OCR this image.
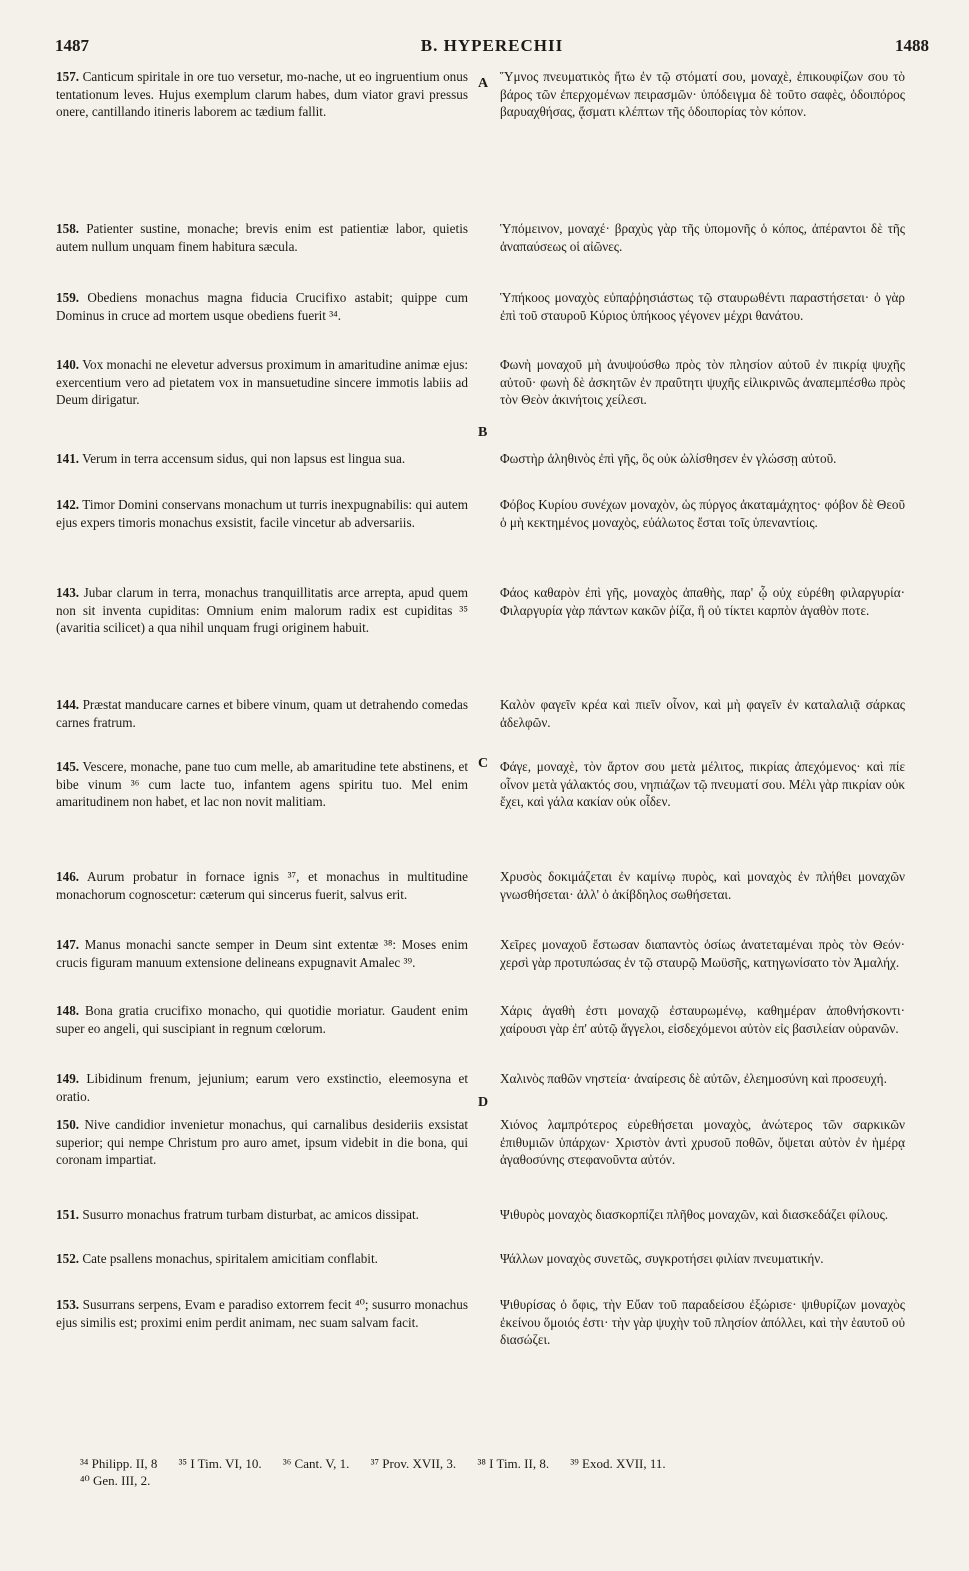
1487	B. HYPERECHII	1488
A
B
C
D
157. Canticum spiritale in ore tuo versetur, mo-nache, ut eo ingruentium onus tentationum leves. Hujus exemplum clarum habes, dum viator gravi pressus onere, cantillando itineris laborem ac tædium fallit.
158. Patienter sustine, monache; brevis enim est patientiæ labor, quietis autem nullum unquam finem habitura sæcula.
159. Obediens monachus magna fiducia Crucifixo astabit; quippe cum Dominus in cruce ad mortem usque obediens fuerit ³⁴.
140. Vox monachi ne elevetur adversus proximum in amaritudine animæ ejus: exercentium vero ad pietatem vox in mansuetudine sincere immotis labiis ad Deum dirigatur.
141. Verum in terra accensum sidus, qui non lapsus est lingua sua.
142. Timor Domini conservans monachum ut turris inexpugnabilis: qui autem ejus expers timoris monachus exsistit, facile vincetur ab adversariis.
143. Jubar clarum in terra, monachus tranquillitatis arce arrepta, apud quem non sit inventa cupiditas: Omnium enim malorum radix est cupiditas ³⁵ (avaritia scilicet) a qua nihil unquam frugi originem habuit.
144. Præstat manducare carnes et bibere vinum, quam ut detrahendo comedas carnes fratrum.
145. Vescere, monache, pane tuo cum melle, ab amaritudine tete abstinens, et bibe vinum ³⁶ cum lacte tuo, infantem agens spiritu tuo. Mel enim amaritudinem non habet, et lac non novit malitiam.
146. Aurum probatur in fornace ignis ³⁷, et monachus in multitudine monachorum cognoscetur: cæterum qui sincerus fuerit, salvus erit.
147. Manus monachi sancte semper in Deum sint extentæ ³⁸: Moses enim crucis figuram manuum extensione delineans expugnavit Amalec ³⁹.
148. Bona gratia crucifixo monacho, qui quotidie moriatur. Gaudent enim super eo angeli, qui suscipiant in regnum cœlorum.
149. Libidinum frenum, jejunium; earum vero exstinctio, eleemosyna et oratio.
150. Nive candidior invenietur monachus, qui carnalibus desideriis exsistat superior; qui nempe Christum pro auro amet, ipsum videbit in die bona, qui coronam impartiat.
151. Susurro monachus fratrum turbam disturbat, ac amicos dissipat.
152. Cate psallens monachus, spiritalem amicitiam conflabit.
153. Susurrans serpens, Evam e paradiso extorrem fecit ⁴⁰; susurro monachus ejus similis est; proximi enim perdit animam, nec suam salvam facit.
Ὕμνος πνευματικὸς ἤτω ἐν τῷ στόματί σου, μοναχὲ, ἐπικουφίζων σου τὸ βάρος τῶν ἐπερχομένων πειρασμῶν· ὑπόδειγμα δὲ τοῦτο σαφὲς, ὁδοιπόρος βαρυαχθήσας, ᾄσματι κλέπτων τῆς ὁδοιπορίας τὸν κόπον.
Ὑπόμεινον, μοναχέ· βραχὺς γὰρ τῆς ὑπομονῆς ὁ κόπος, ἀπέραντοι δὲ τῆς ἀναπαύσεως οἱ αἰῶνες.
Ὑπήκοος μοναχὸς εὐπαῤῥησιάστως τῷ σταυρωθέντι παραστήσεται· ὁ γὰρ ἐπὶ τοῦ σταυροῦ Κύριος ὑπήκοος γέγονεν μέχρι θανάτου.
Φωνὴ μοναχοῦ μὴ ἀνυψούσθω πρὸς τὸν πλησίον αὐτοῦ ἐν πικρίᾳ ψυχῆς αὐτοῦ· φωνὴ δὲ ἀσκητῶν ἐν πραΰτητι ψυχῆς εἰλικρινῶς ἀναπεμπέσθω πρὸς τὸν Θεὸν ἀκινήτοις χείλεσι.
Φωστὴρ ἀληθινὸς ἐπὶ γῆς, ὃς οὐκ ὠλίσθησεν ἐν γλώσσῃ αὐτοῦ.
Φόβος Κυρίου συνέχων μοναχὸν, ὡς πύργος ἀκαταμάχητος· φόβον δὲ Θεοῦ ὁ μὴ κεκτημένος μοναχὸς, εὐάλωτος ἔσται τοῖς ὑπεναντίοις.
Φάος καθαρὸν ἐπὶ γῆς, μοναχὸς ἀπαθὴς, παρ' ᾧ οὐχ εὑρέθη φιλαργυρία· Φιλαργυρία γὰρ πάντων κακῶν ῥίζα, ἣ οὐ τίκτει καρπὸν ἀγαθὸν ποτε.
Καλὸν φαγεῖν κρέα καὶ πιεῖν οἶνον, καὶ μὴ φαγεῖν ἐν καταλαλιᾷ σάρκας ἀδελφῶν.
Φάγε, μοναχὲ, τὸν ἄρτον σου μετὰ μέλιτος, πικρίας ἀπεχόμενος· καὶ πίε οἶνον μετὰ γάλακτός σου, νηπιάζων τῷ πνευματί σου. Μέλι γὰρ πικρίαν οὐκ ἔχει, καὶ γάλα κακίαν οὐκ οἶδεν.
Χρυσὸς δοκιμάζεται ἐν καμίνῳ πυρὸς, καὶ μοναχὸς ἐν πλήθει μοναχῶν γνωσθήσεται· ἀλλ' ὁ ἀκίβδηλος σωθήσεται.
Χεῖρες μοναχοῦ ἔστωσαν διαπαντὸς ὁσίως ἀνατεταμέναι πρὸς τὸν Θεόν· χερσὶ γὰρ προτυπώσας ἐν τῷ σταυρῷ Μωϋσῆς, κατηγωνίσατο τὸν Ἀμαλήχ.
Χάρις ἀγαθὴ ἐστι μοναχῷ ἐσταυρωμένῳ, καθημέραν ἀποθνήσκοντι· χαίρουσι γὰρ ἐπ' αὐτῷ ἄγγελοι, εἰσδεχόμενοι αὐτὸν εἰς βασιλείαν οὐρανῶν.
Χαλινὸς παθῶν νηστεία· ἀναίρεσις δὲ αὐτῶν, ἐλεημοσύνη καὶ προσευχή.
Χιόνος λαμπρότερος εὑρεθήσεται μοναχὸς, ἀνώτερος τῶν σαρκικῶν ἐπιθυμιῶν ὑπάρχων· Χριστὸν ἀντὶ χρυσοῦ ποθῶν, ὄψεται αὐτὸν ἐν ἡμέρᾳ ἀγαθοσύνης στεφανοῦντα αὐτόν.
Ψιθυρὸς μοναχὸς διασκορπίζει πλῆθος μοναχῶν, καὶ διασκεδάζει φίλους.
Ψάλλων μοναχὸς συνετῶς, συγκροτήσει φιλίαν πνευματικήν.
Ψιθυρίσας ὁ ὄφις, τὴν Εὔαν τοῦ παραδείσου ἐξώρισε· ψιθυρίζων μοναχὸς ἐκείνου ὅμοιός ἐστι· τὴν γὰρ ψυχὴν τοῦ πλησίον ἀπόλλει, καὶ τὴν ἑαυτοῦ οὐ διασώζει.
³⁴ Philipp. II, 8 ³⁵ I Tim. VI, 10. ³⁶ Cant. V, 1. ³⁷ Prov. XVII, 3. ³⁸ I Tim. II, 8. ³⁹ Exod. XVII, 11.
⁴⁰ Gen. III, 2.
